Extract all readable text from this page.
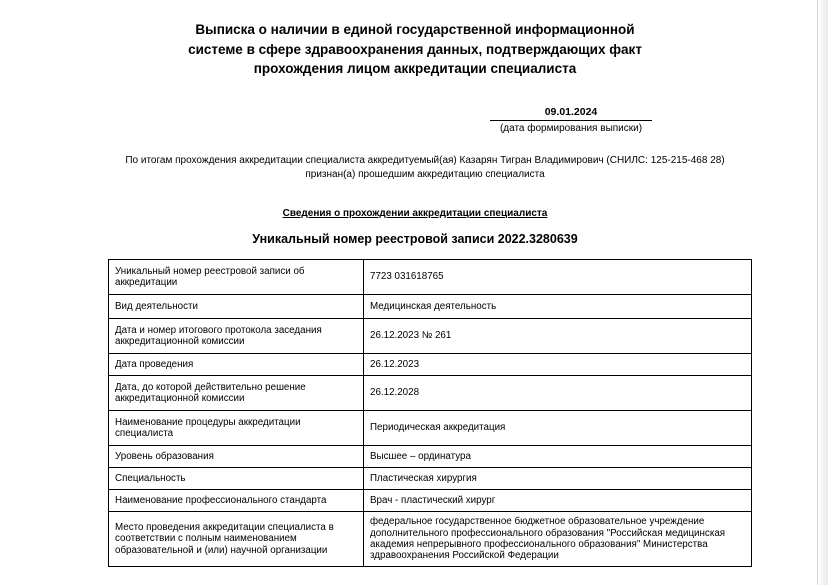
Выписка о наличии в единой государственной информационной
системе в сфере здравоохранения данных, подтверждающих факт
прохождения лицом аккредитации специалиста
09.01.2024
(дата формирования выписки)
По итогам прохождения аккредитации специалиста аккредитуемый(ая) Казарян Тигран Владимирович (СНИЛС: 125-215-468 28)
признан(а) прошедшим аккредитацию специалиста
Сведения о прохождении аккредитации специалиста
Уникальный номер реестровой записи 2022.3280639
Уникальный номер реестровой записи об аккредитации	7723 031618765
Вид деятельности	Медицинская деятельность
Дата и номер итогового протокола заседания аккредитационной комиссии	26.12.2023 № 261
Дата проведения	26.12.2023
Дата, до которой действительно решение аккредитационной комиссии	26.12.2028
Наименование процедуры аккредитации специалиста	Периодическая аккредитация
Уровень образования	Высшее – ординатура
Специальность	Пластическая хирургия
Наименование профессионального стандарта	Врач - пластический хирург
Место проведения аккредитации специалиста в соответствии с полным наименованием образовательной и (или) научной организации	федеральное государственное бюджетное образовательное учреждение дополнительного профессионального образования "Российская медицинская академия непрерывного профессионального образования" Министерства здравоохранения Российской Федерации
